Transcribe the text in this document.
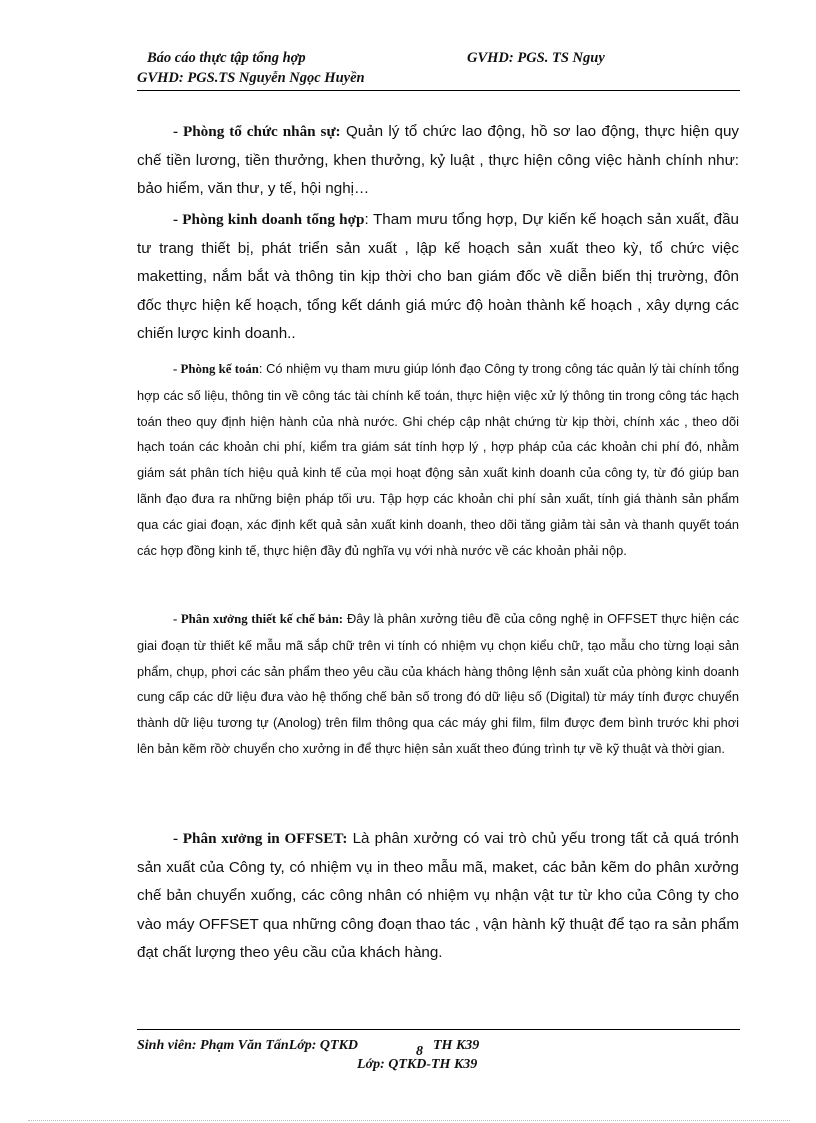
Báo cáo thực tập tổng hợp	GVHD: PGS. TS Nguy
GVHD: PGS.TS Nguyễn Ngọc Huyền

- Phòng tổ chức nhân sự: Quản lý tổ chức lao động, hồ sơ lao động, thực hiện quy chế tiền lương, tiền thưởng, khen thưởng, kỷ luật , thực hiện công việc hành chính như: bảo hiểm, văn thư, y tế, hội nghị…

- Phòng kinh doanh tổng hợp: Tham mưu tổng hợp, Dự kiến kế hoạch sản xuất, đầu tư trang thiết bị, phát triển sản xuất , lập kế hoạch sản xuất theo kỳ, tổ chức việc maketting, nắm bắt và thông tin kịp thời cho ban giám đốc về diễn biến thị trường, đôn đốc thực hiện kế hoạch, tổng kết dánh giá mức độ hoàn thành kế hoạch , xây dựng các chiến lược kinh doanh..

- Phòng kế toán: Có nhiệm vụ tham mưu giúp lónh đạo Công ty trong công tác quản lý tài chính tổng hợp các số liệu, thông tin về công tác tài chính kế toán, thực hiện việc xử lý thông tin trong công tác hạch toán theo quy định hiện hành của nhà nước. Ghi chép cập nhật chứng từ kịp thời, chính xác , theo dõi hạch toán các khoản chi phí, kiểm tra giám sát tính hợp lý , hợp pháp của các khoản chi phí đó, nhằm giám sát phân tích hiệu quả kinh tế của mọi hoạt động sản xuất kinh doanh của công ty, từ đó giúp ban lãnh đạo đưa ra những biện pháp tối ưu. Tập hợp các khoản chi phí sản xuất, tính giá thành sản phẩm qua các giai đoạn, xác định kết quả sản xuất kinh doanh, theo dõi tăng giảm tài sản và thanh quyết toán các hợp đồng kinh tế, thực hiện đầy đủ nghĩa vụ với nhà nước về các khoản phải nộp.

- Phân xưởng thiết kế chế bản: Đây là phân xưởng tiêu đề của công nghệ in OFFSET thực hiện các giai đoạn từ thiết kế mẫu mã sắp chữ trên vi tính có nhiệm vụ chọn kiểu chữ, tạo mẫu cho từng loại sản phẩm, chụp, phơi các sản phẩm theo yêu cầu của khách hàng thông lệnh sản xuất của phòng kinh doanh cung cấp các dữ liệu đưa vào hệ thống chế bản số trong đó dữ liệu số (Digital) từ máy tính được chuyển thành dữ liệu tương tự (Anolog) trên film thông qua các máy ghi film, film được đem bình trước khi phơi lên bản kẽm rồờ chuyển cho xưởng in để thực hiện sản xuất theo đúng trình tự về kỹ thuật và thời gian.

- Phân xưởng in OFFSET: Là phân xưởng có vai trò chủ yếu trong tất cả quá trónh sản xuất của Công ty, có nhiệm vụ in theo mẫu mã, maket, các bản kẽm do phân xưởng chế bản chuyển xuống, các công nhân có nhiệm vụ nhận vật tư từ kho của Công ty cho vào máy OFFSET qua những công đoạn thao tác , vận hành kỹ thuật để tạo ra sản phẩm đạt chất lượng theo yêu cầu của khách hàng.

Sinh viên: Phạm Văn TấnLớp: QTKD	8 TH K39
Lớp: QTKD-TH K39
